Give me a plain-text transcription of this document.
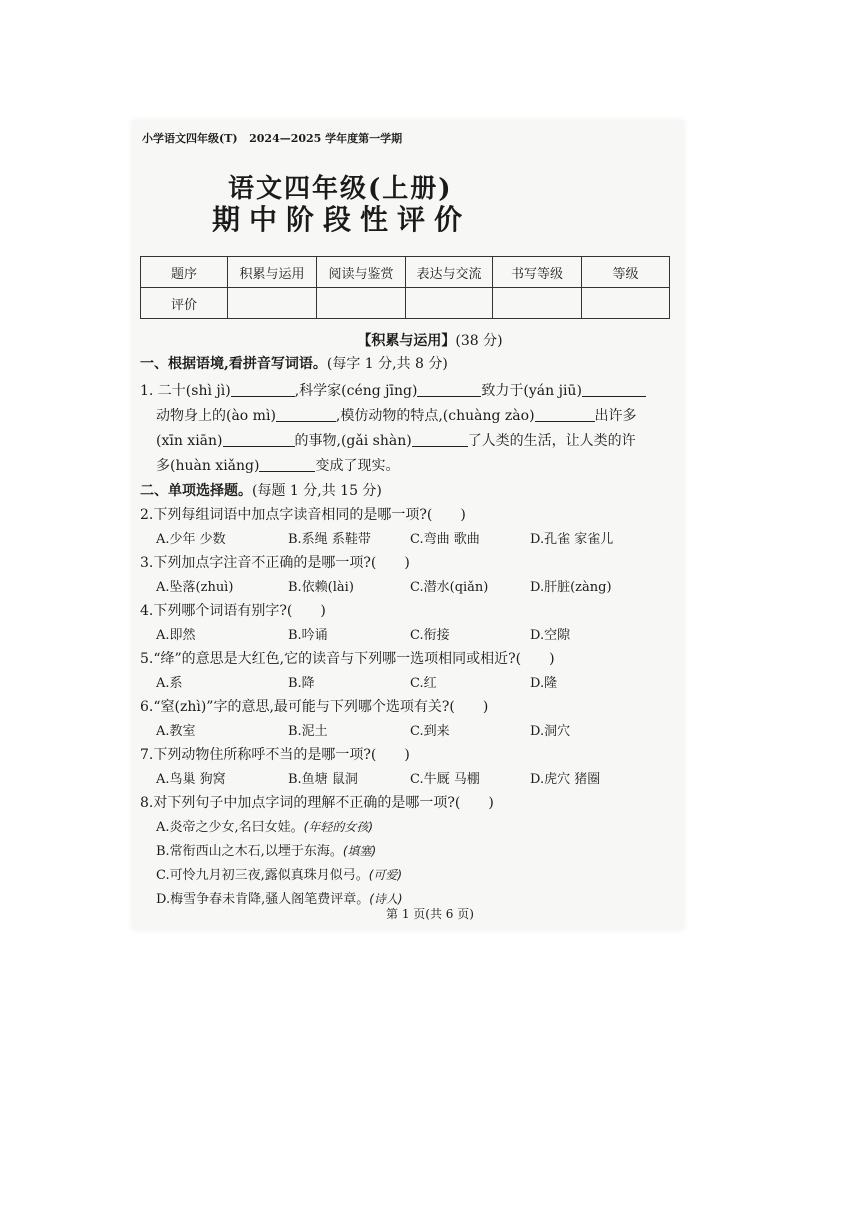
小学语文四年级(T) 2024—2025 学年度第一学期
语文四年级(上册)
期中阶段性评价
题序	积累与运用	阅读与鉴赏	表达与交流	书写等级	等级
评价					
【积累与运用】(38 分)
一、根据语境,看拼音写词语。(每字 1 分,共 8 分)
1. 二十(shì jì)	,科学家(céng jīng)	致力于(yán jiū)
动物身上的(ào mì)	,模仿动物的特点,(chuàng zào)	出许多
(xīn xiān)	的事物,(gǎi shàn)	了人类的生活，让人类的许
多(huàn xiǎng)	变成了现实。
二、单项选择题。(每题 1 分,共 15 分)
2.下列每组词语中加点字读音相同的是哪一项?(　　)
A.少年 少数	B.系绳 系鞋带	C.弯曲 歌曲	D.孔雀 家雀儿
3.下列加点字注音不正确的是哪一项?(　　)
A.坠落(zhuì)	B.依赖(lài)	C.潜水(qiǎn)	D.肝脏(zàng)
4.下列哪个词语有别字?(　　)
A.即然	B.吟诵	C.衔接	D.空隙
5.“绛”的意思是大红色,它的读音与下列哪一选项相同或相近?(　　)
A.系	B.降	C.红	D.隆
6.“窒(zhì)”字的意思,最可能与下列哪个选项有关?(　　)
A.教室	B.泥土	C.到来	D.洞穴
7.下列动物住所称呼不当的是哪一项?(　　)
A.鸟巢 狗窝	B.鱼塘 鼠洞	C.牛厩 马棚	D.虎穴 猪圈
8.对下列句子中加点字词的理解不正确的是哪一项?(　　)
A.炎帝之少女,名曰女娃。(年轻的女孩)
B.常衔西山之木石,以堙于东海。(填塞)
C.可怜九月初三夜,露似真珠月似弓。(可爱)
D.梅雪争春未肯降,骚人阁笔费评章。(诗人)
第 1 页(共 6 页)
